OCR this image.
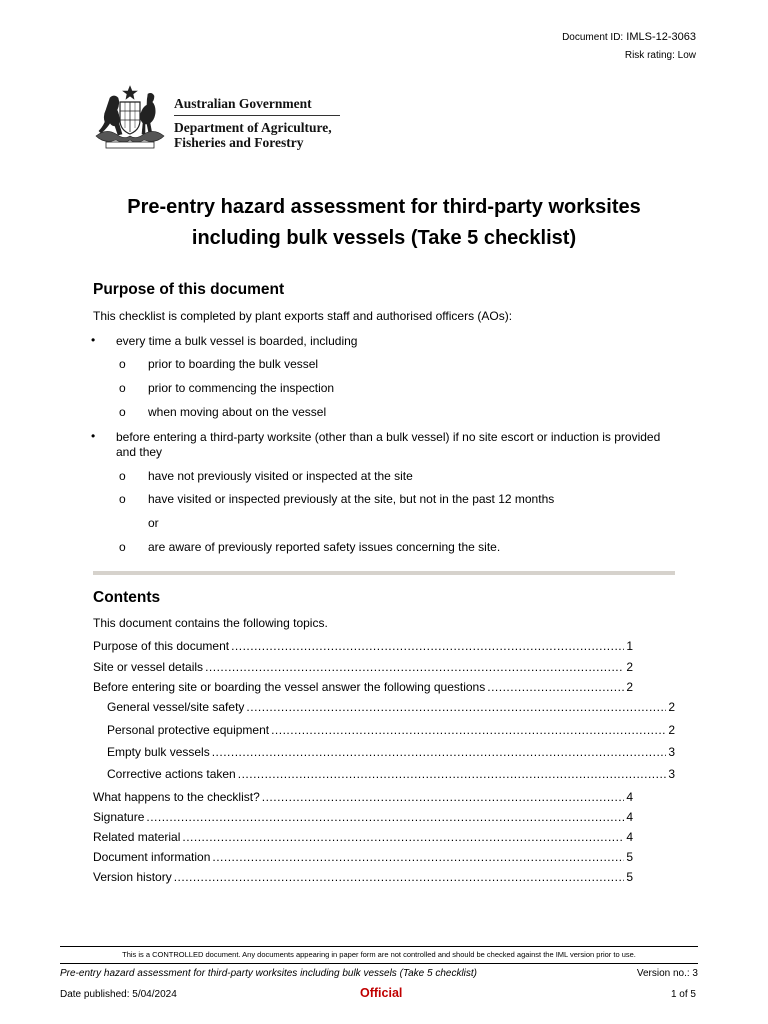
Document ID: IMLS-12-3063
Risk rating: Low
Australian Government
Department of Agriculture,
Fisheries and Forestry
Pre-entry hazard assessment for third-party worksites
including bulk vessels (Take 5 checklist)
Purpose of this document
This checklist is completed by plant exports staff and authorised officers (AOs):
• every time a bulk vessel is boarded, including
o prior to boarding the bulk vessel
o prior to commencing the inspection
o when moving about on the vessel
• before entering a third-party worksite (other than a bulk vessel) if no site escort or induction is provided and they
o have not previously visited or inspected at the site
o have visited or inspected previously at the site, but not in the past 12 months
or
o are aware of previously reported safety issues concerning the site.
Contents
This document contains the following topics.
Purpose of this document .....	1
Site or vessel details .....	2
Before entering site or boarding the vessel answer the following questions .....	2
General vessel/site safety .....	2
Personal protective equipment .....	2
Empty bulk vessels .....	3
Corrective actions taken .....	3
What happens to the checklist? .....	4
Signature .....	4
Related material .....	4
Document information .....	5
Version history .....	5
This is a CONTROLLED document. Any documents appearing in paper form are not controlled and should be checked against the IML version prior to use.
Pre-entry hazard assessment for third-party worksites including bulk vessels (Take 5 checklist)	Version no.: 3
Date published: 5/04/2024	Official	1 of 5
